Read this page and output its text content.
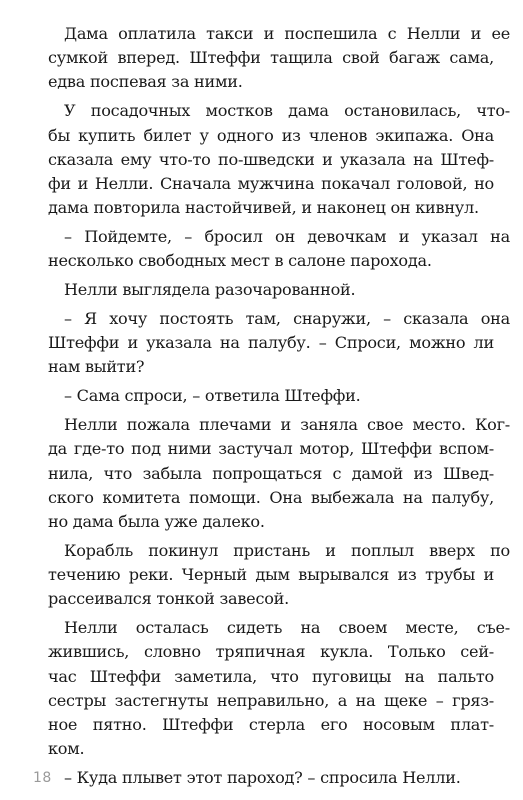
Дама оплатила такси и поспешила с Нелли и ее
сумкой вперед. Штеффи тащила свой багаж сама,
едва поспевая за ними.
У посадочных мостков дама остановилась, что-
бы купить билет у одного из членов экипажа. Она
сказала ему что-то по-шведски и указала на Штеф-
фи и Нелли. Сначала мужчина покачал головой, но
дама повторила настойчивей, и наконец он кивнул.
– Пойдемте, – бросил он девочкам и указал на
несколько свободных мест в салоне парохода.
Нелли выглядела разочарованной.
– Я хочу постоять там, снаружи, – сказала она
Штеффи и указала на палубу. – Спроси, можно ли
нам выйти?
– Сама спроси, – ответила Штеффи.
Нелли пожала плечами и заняла свое место. Ког-
да где-то под ними застучал мотор, Штеффи вспом-
нила, что забыла попрощаться с дамой из Швед-
ского комитета помощи. Она выбежала на палубу,
но дама была уже далеко.
Корабль покинул пристань и поплыл вверх по
течению реки. Черный дым вырывался из трубы и
рассеивался тонкой завесой.
Нелли осталась сидеть на своем месте, съе-
жившись, словно тряпичная кукла. Только сей-
час Штеффи заметила, что пуговицы на пальто
сестры застегнуты неправильно, а на щеке – гряз-
ное пятно. Штеффи стерла его носовым плат-
ком.
– Куда плывет этот пароход? – спросила Нелли.
18
